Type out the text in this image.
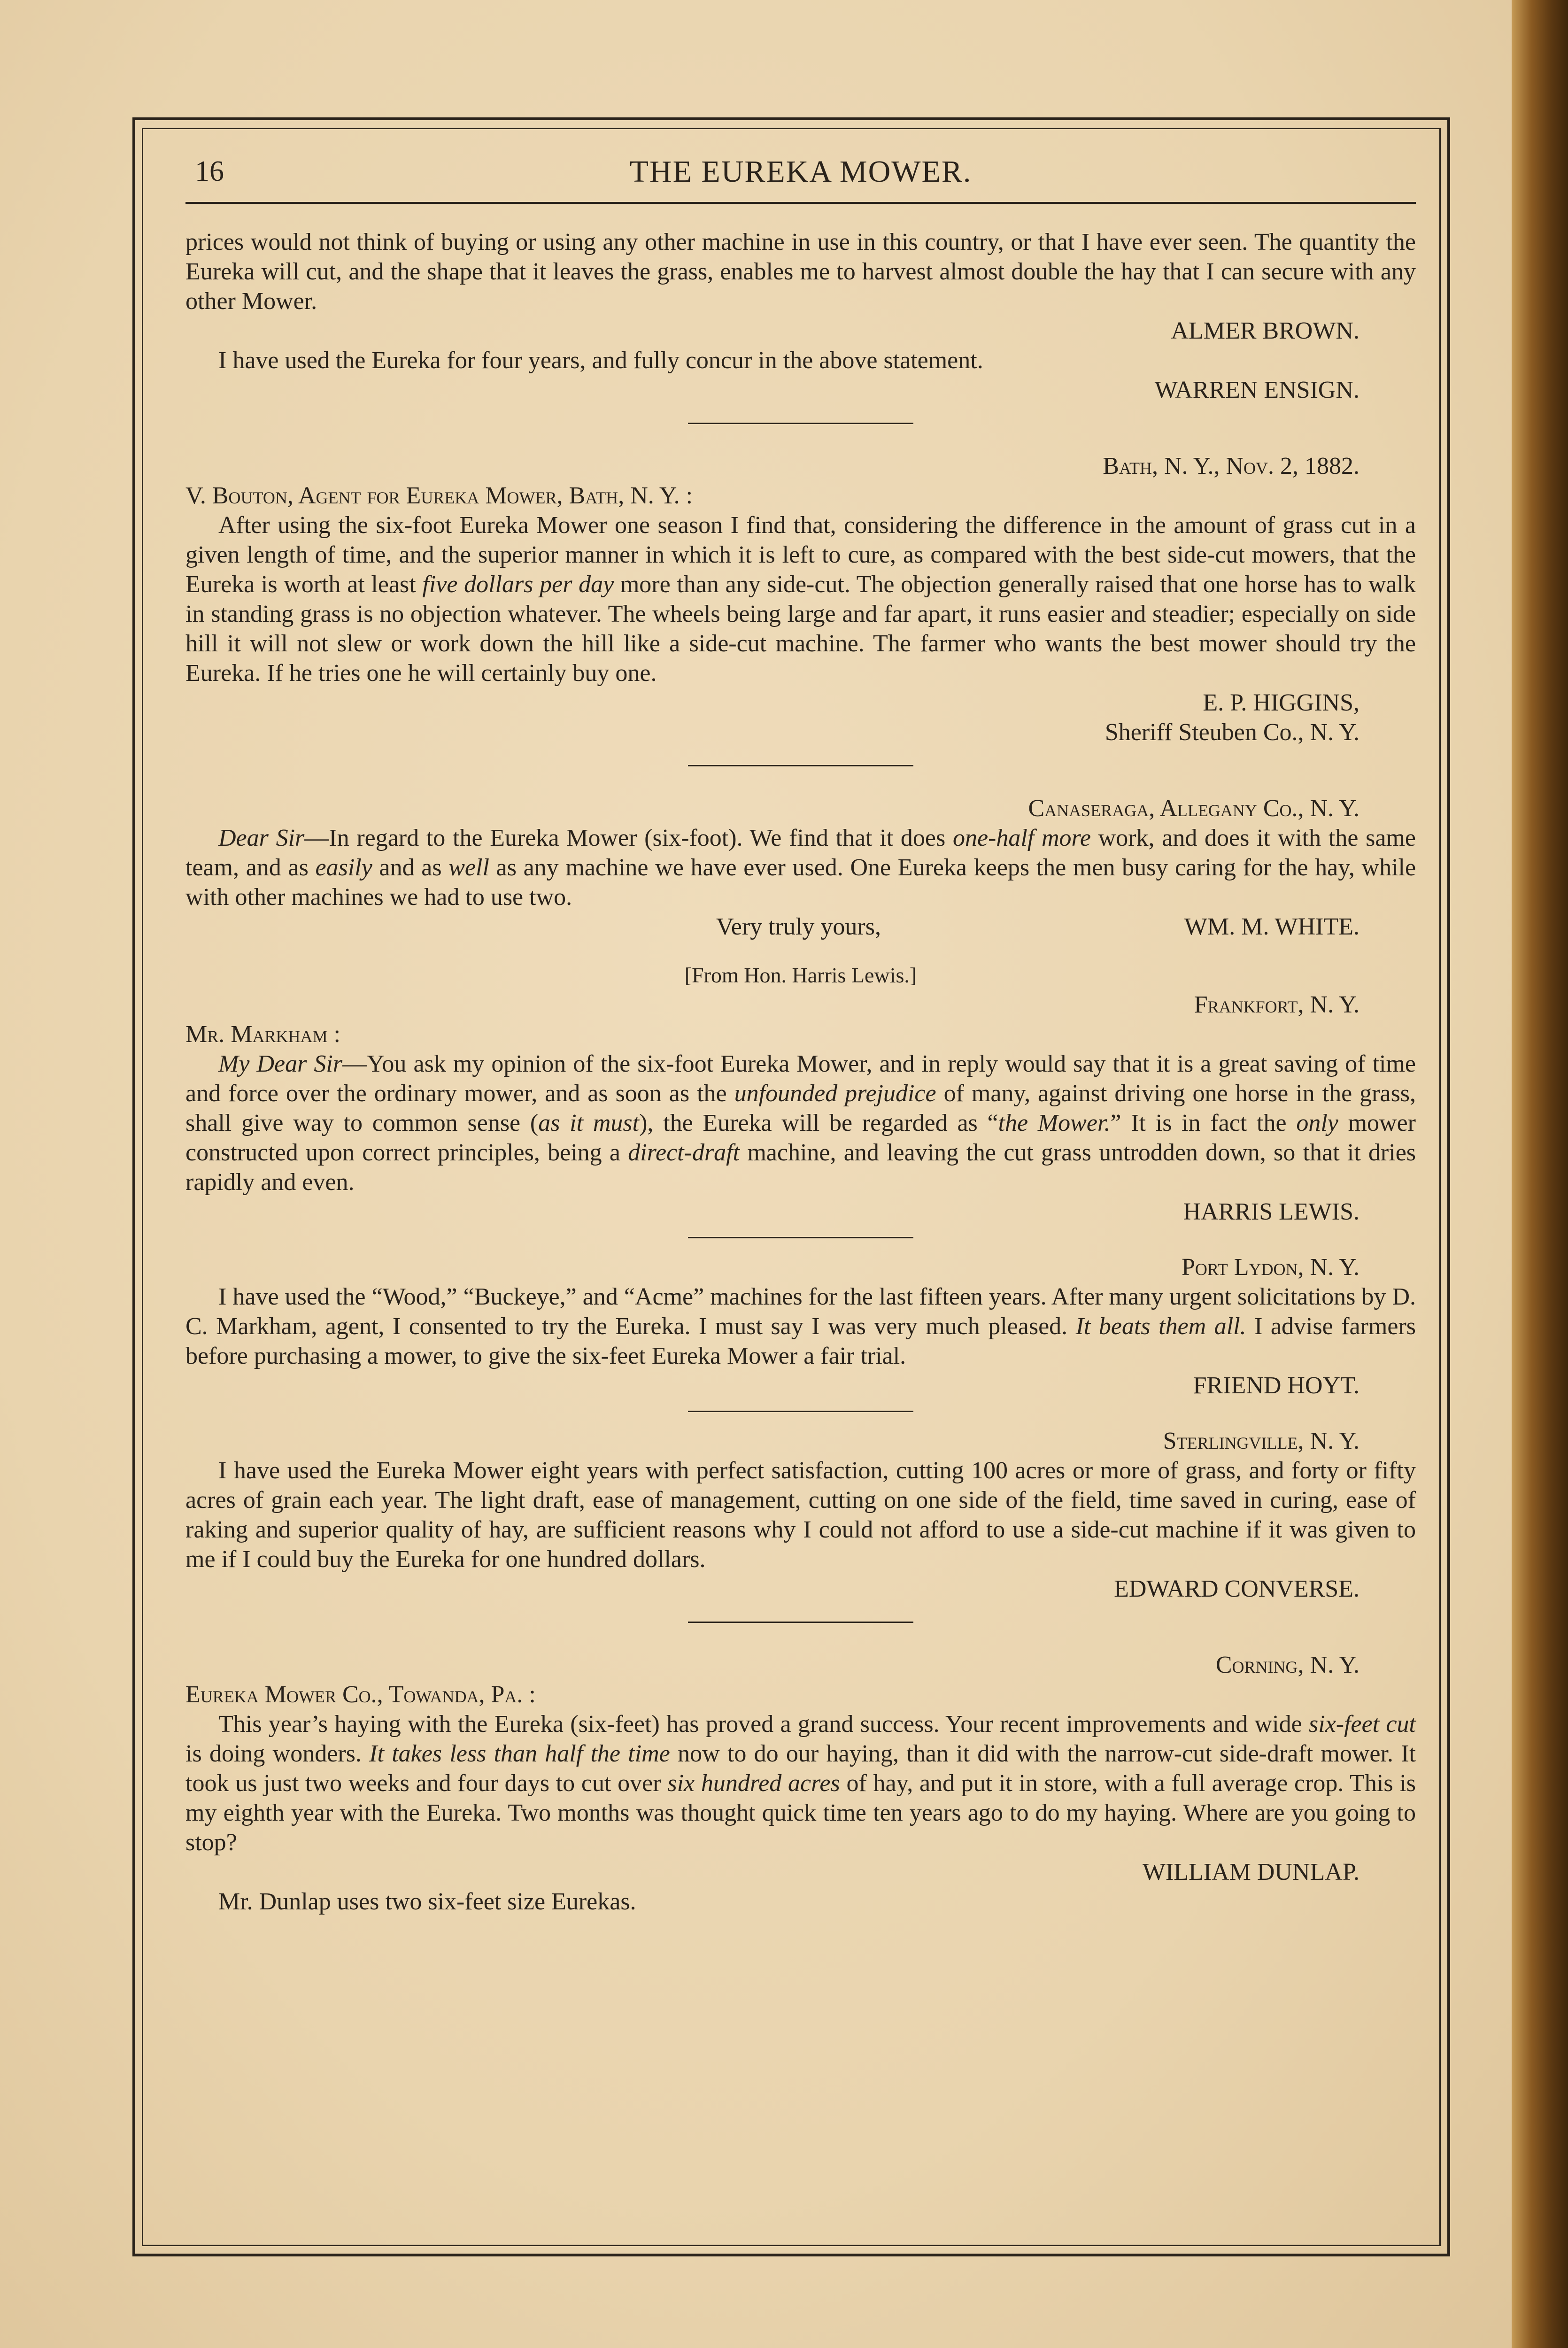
16	THE EUREKA MOWER.

prices would not think of buying or using any other machine in use in this country, or that I have ever seen. The quantity the Eureka will cut, and the shape that it leaves the grass, enables me to harvest almost double the hay that I can secure with any other Mower.

ALMER BROWN.

I have used the Eureka for four years, and fully concur in the above statement.

WARREN ENSIGN.

Bath, N. Y., Nov. 2, 1882.

V. Bouton, Agent for Eureka Mower, Bath, N. Y. :

After using the six-foot Eureka Mower one season I find that, considering the difference in the amount of grass cut in a given length of time, and the superior manner in which it is left to cure, as compared with the best side-cut mowers, that the Eureka is worth at least five dollars per day more than any side-cut. The objection generally raised that one horse has to walk in standing grass is no objection whatever. The wheels being large and far apart, it runs easier and steadier; especially on side hill it will not slew or work down the hill like a side-cut machine. The farmer who wants the best mower should try the Eureka. If he tries one he will certainly buy one.

E. P. HIGGINS,

Sheriff Steuben Co., N. Y.

Canaseraga, Allegany Co., N. Y.

Dear Sir—In regard to the Eureka Mower (six-foot). We find that it does one-half more work, and does it with the same team, and as easily and as well as any machine we have ever used. One Eureka keeps the men busy caring for the hay, while with other machines we had to use two.

Very truly yours,	WM. M. WHITE.

[From Hon. Harris Lewis.]

Frankfort, N. Y.

Mr. Markham :

My Dear Sir—You ask my opinion of the six-foot Eureka Mower, and in reply would say that it is a great saving of time and force over the ordinary mower, and as soon as the unfounded prejudice of many, against driving one horse in the grass, shall give way to common sense (as it must), the Eureka will be regarded as “the Mower.” It is in fact the only mower constructed upon correct principles, being a direct-draft machine, and leaving the cut grass untrodden down, so that it dries rapidly and even.

HARRIS LEWIS.

Port Lydon, N. Y.

I have used the “Wood,” “Buckeye,” and “Acme” machines for the last fifteen years. After many urgent solicitations by D. C. Markham, agent, I consented to try the Eureka. I must say I was very much pleased. It beats them all. I advise farmers before purchasing a mower, to give the six-feet Eureka Mower a fair trial.

FRIEND HOYT.

Sterlingville, N. Y.

I have used the Eureka Mower eight years with perfect satisfaction, cutting 100 acres or more of grass, and forty or fifty acres of grain each year. The light draft, ease of management, cutting on one side of the field, time saved in curing, ease of raking and superior quality of hay, are sufficient reasons why I could not afford to use a side-cut machine if it was given to me if I could buy the Eureka for one hundred dollars.

EDWARD CONVERSE.

Corning, N. Y.

Eureka Mower Co., Towanda, Pa. :

This year’s haying with the Eureka (six-feet) has proved a grand success. Your recent improvements and wide six-feet cut is doing wonders. It takes less than half the time now to do our haying, than it did with the narrow-cut side-draft mower. It took us just two weeks and four days to cut over six hundred acres of hay, and put it in store, with a full average crop. This is my eighth year with the Eureka. Two months was thought quick time ten years ago to do my haying. Where are you going to stop?

WILLIAM DUNLAP.

Mr. Dunlap uses two six-feet size Eurekas.
